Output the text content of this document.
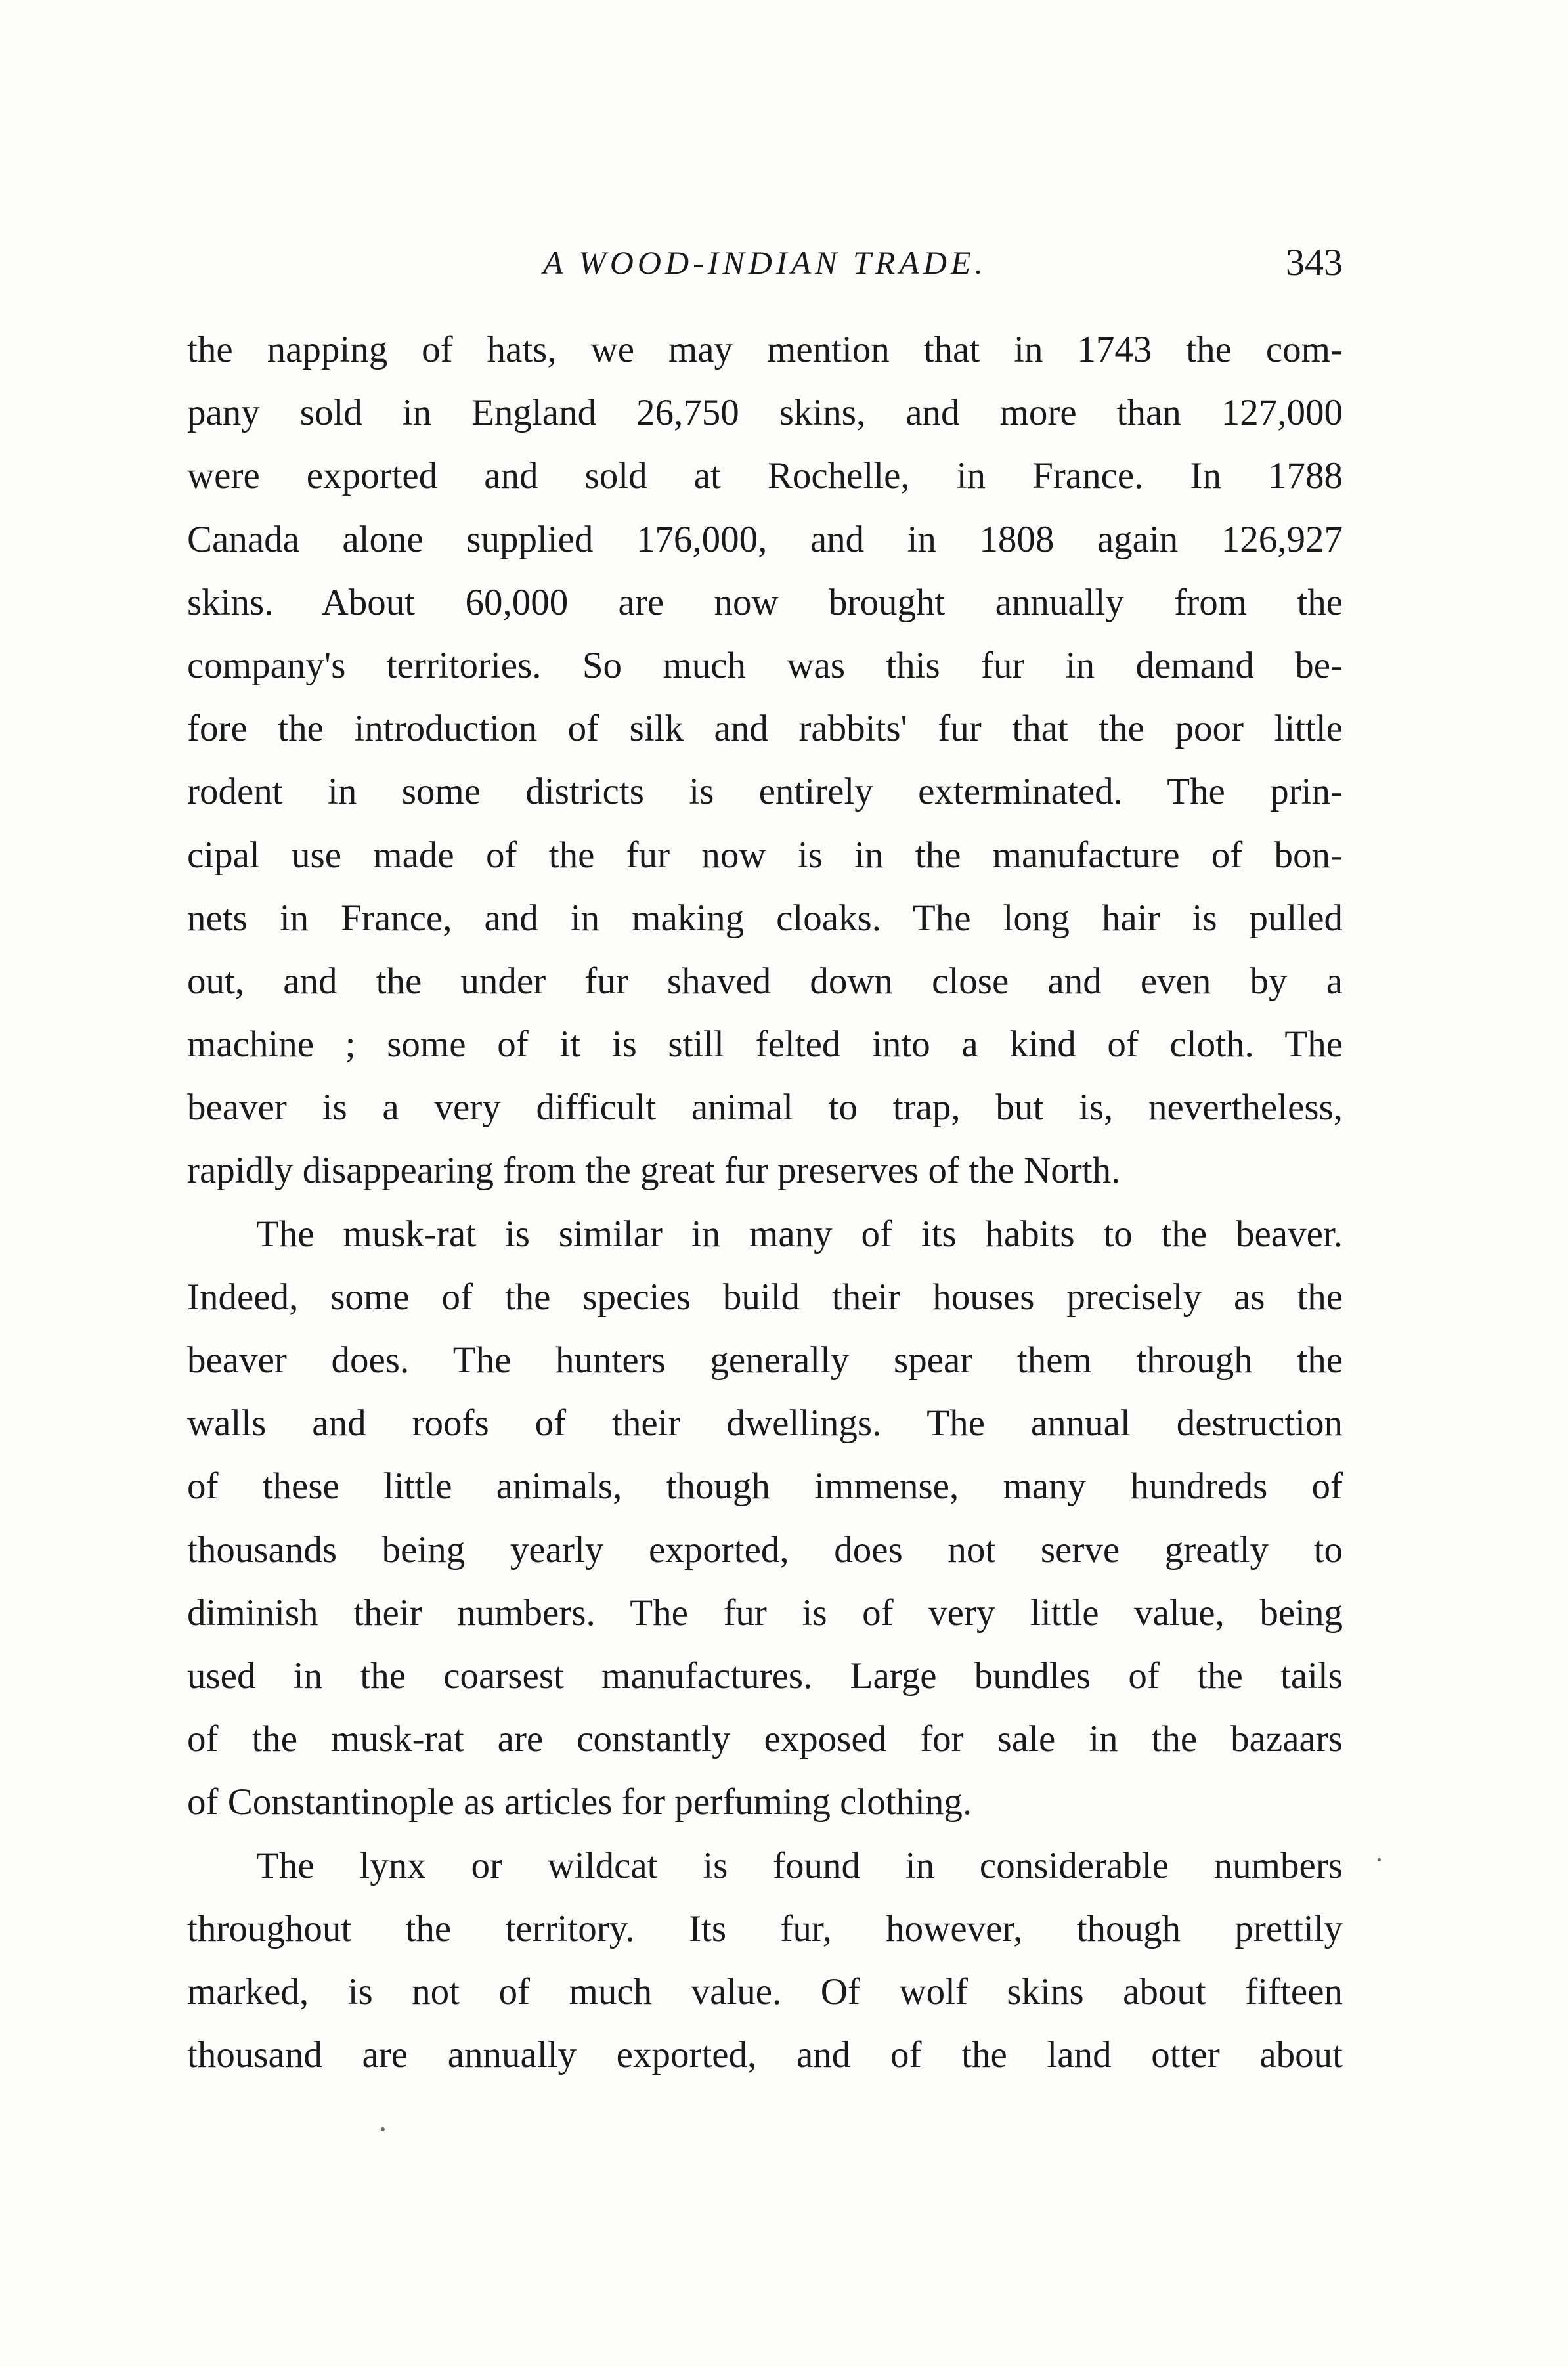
A WOOD-INDIAN TRADE.	343
the napping of hats, we may mention that in 1743 the com-
pany sold in England 26,750 skins, and more than 127,000
were exported and sold at Rochelle, in France. In 1788
Canada alone supplied 176,000, and in 1808 again 126,927
skins. About 60,000 are now brought annually from the
company's territories. So much was this fur in demand be-
fore the introduction of silk and rabbits' fur that the poor little
rodent in some districts is entirely exterminated. The prin-
cipal use made of the fur now is in the manufacture of bon-
nets in France, and in making cloaks. The long hair is pulled
out, and the under fur shaved down close and even by a
machine ; some of it is still felted into a kind of cloth. The
beaver is a very difficult animal to trap, but is, nevertheless,
rapidly disappearing from the great fur preserves of the North.
The musk-rat is similar in many of its habits to the beaver.
Indeed, some of the species build their houses precisely as the
beaver does. The hunters generally spear them through the
walls and roofs of their dwellings. The annual destruction
of these little animals, though immense, many hundreds of
thousands being yearly exported, does not serve greatly to
diminish their numbers. The fur is of very little value, being
used in the coarsest manufactures. Large bundles of the tails
of the musk-rat are constantly exposed for sale in the bazaars
of Constantinople as articles for perfuming clothing.
The lynx or wildcat is found in considerable numbers
throughout the territory. Its fur, however, though prettily
marked, is not of much value. Of wolf skins about fifteen
thousand are annually exported, and of the land otter about
